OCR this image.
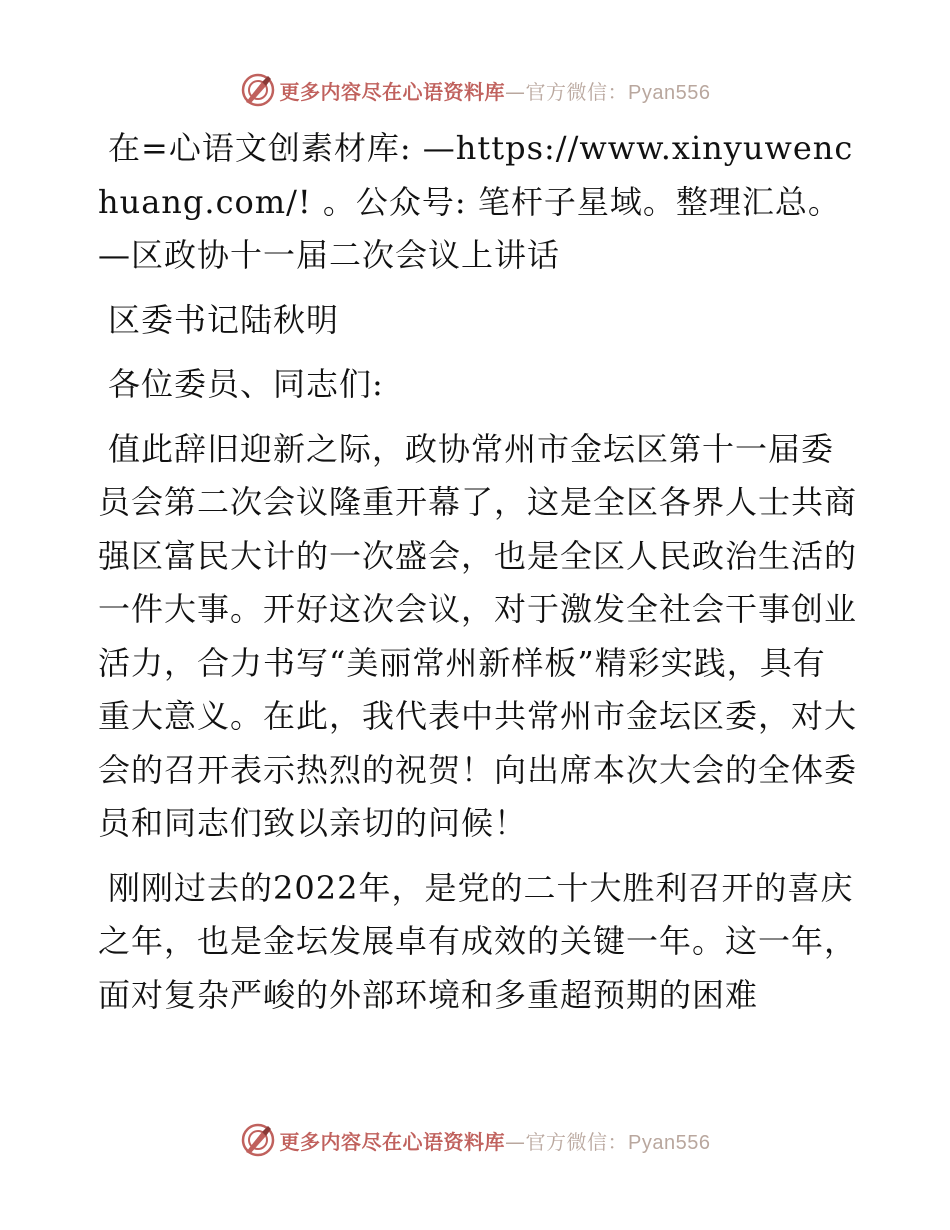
更多内容尽在心语资料库—官方微信：Pyan556

在=心语文创素材库: —https://www.xinyuwenchuang.com/! 。公众号: 笔杆子星域。整理汇总。—区政协十一届二次会议上讲话

区委书记陆秋明

各位委员、同志们:

值此辞旧迎新之际，政协常州市金坛区第十一届委员会第二次会议隆重开幕了，这是全区各界人士共商强区富民大计的一次盛会，也是全区人民政治生活的一件大事。开好这次会议，对于激发全社会干事创业活力，合力书写“美丽常州新样板”精彩实践，具有重大意义。在此，我代表中共常州市金坛区委，对大会的召开表示热烈的祝贺！向出席本次大会的全体委员和同志们致以亲切的问候！

刚刚过去的2022年，是党的二十大胜利召开的喜庆之年，也是金坛发展卓有成效的关键一年。这一年，面对复杂严峻的外部环境和多重超预期的困难

更多内容尽在心语资料库—官方微信：Pyan556
